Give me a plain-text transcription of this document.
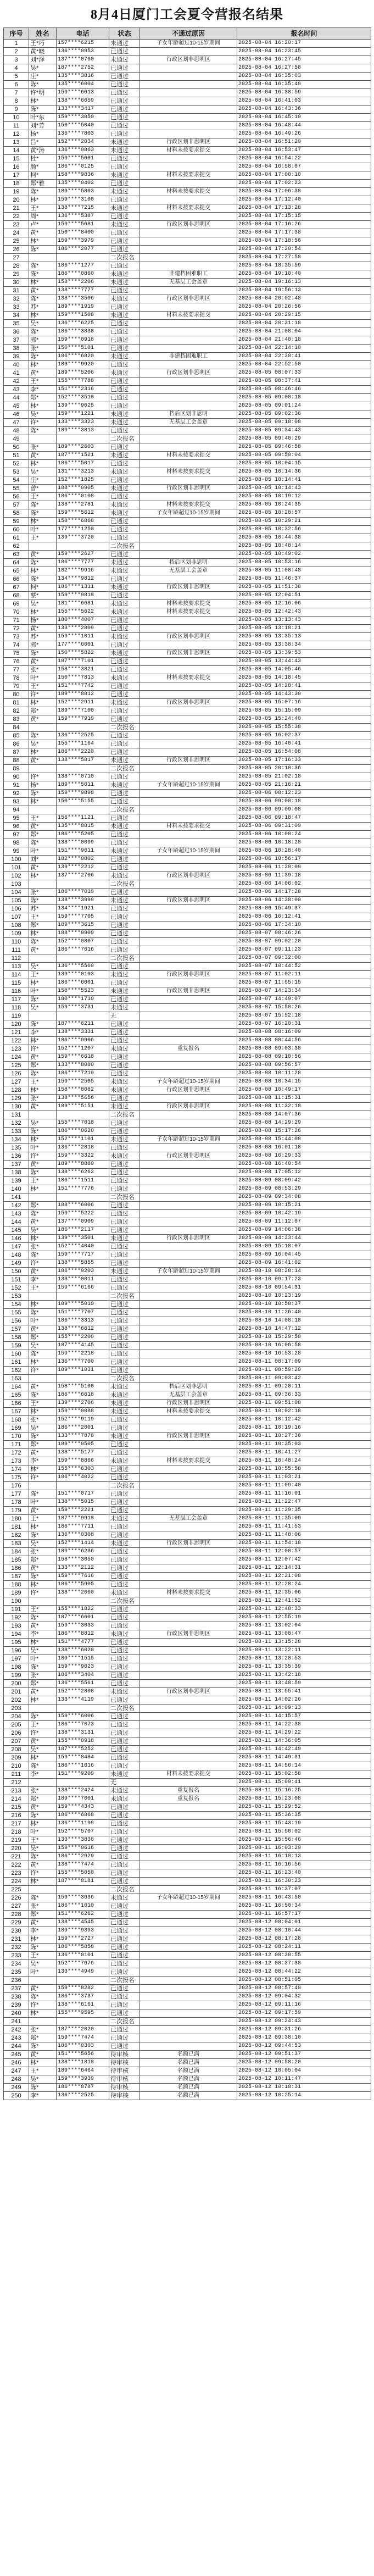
8月4日厦门工会夏令营报名结果
序号	姓名	电话	状态	不通过原因	报名时间
1	王*巧	157****6215	未通过	子女年龄超过10-15岁期间	2025-08-04 16:20:17
2	黄*晓	136****0953	已通过		2025-08-04 16:23:45
3	刘*泽	137****0760	未通过	行政区划非思明区	2025-08-04 16:27:45
4	吴*	187****2752	已通过		2025-08-04 16:27:58
5	庄*	135****3816	已通过		2025-08-04 16:35:03
6	陈*	135****6004	已通过		2025-08-04 16:35:49
7	许*明	159****6613	已通过		2025-08-04 16:38:59
8	林*	138****6659	已通过		2025-08-04 16:41:03
9	陈*	133****3417	已通过		2025-08-04 16:43:36
10	叶*东	159****3050	已通过		2025-08-04 16:45:10
11	刘*芳	150****5040	已通过		2025-08-04 16:48:44
12	杨*	136****7803	已通过		2025-08-04 16:49:26
13	吕*	152****2034	未通过	行政区划非思明区	2025-08-04 16:51:20
14	黄*涛	136****0863	未通过	材料未按要求提交	2025-08-04 16:53:47
15	杜*	159****5601	已通过		2025-08-04 16:54:22
16	颜*	186****0125	已通过		2025-08-04 16:58:07
17	柯*	158****9836	未通过	材料未按要求提交	2025-08-04 17:00:10
18	郑*雅	135****0402	已通过		2025-08-04 17:02:23
19	陈*	189****5803	未通过	材料未按要求提交	2025-08-04 17:06:38
20	林*	159****3100	已通过		2025-08-04 17:12:40
21	王*	138****7215	未通过	材料未按要求提交	2025-08-04 17:13:28
22	周*	136****5387	已通过		2025-08-04 17:15:15
23	卢*	159****5681	未通过	行政区划非思明区	2025-08-04 17:16:26
24	黄*	150****8400	已通过		2025-08-04 17:17:38
25	林*	159****3979	已通过		2025-08-04 17:18:56
26	陈*	186****2077	已通过		2025-08-04 17:20:54
27			二次报名		2025-08-04 17:27:58
28	陈*	186****1277	已通过		2025-08-04 18:35:59
29	陈*	186****0860	未通过	非建档困难职工	2025-08-04 19:10:40
30	林*	158****2206	未通过	无基层工会盖章	2025-08-04 19:16:13
31	黄*	138****7777	已通过		2025-08-04 19:56:13
32	陈*	138****3506	未通过	行政区划非思明区	2025-08-04 20:02:48
33	苏*	189****1919	已通过		2025-08-04 20:26:56
34	林*	159****1508	未通过	材料未按要求提交	2025-08-04 20:29:15
35	吴*	136****6225	已通过		2025-08-04 20:31:18
36	陈*	186****3838	已通过		2025-08-04 21:08:04
37	郭*	159****0918	已通过		2025-08-04 21:40:18
38	张*	150****5101	已通过		2025-08-04 22:14:10
39	陈*	186****6820	未通过	非建档困难职工	2025-08-04 22:30:41
40	林*	183****9920	已通过		2025-08-04 22:52:50
41	黄*	189****5206	未通过	行政区划非思明区	2025-08-05 08:07:33
42	王*	155****7788	已通过		2025-08-05 08:37:41
43	李*	151****2316	已通过		2025-08-05 08:46:46
44	郑*	152****3510	已通过		2025-08-05 09:00:18
45	林*	139****9025	已通过		2025-08-05 09:01:24
46	吴*	159****1221	未通过	档后区划非思明	2025-08-05 09:02:36
47	许*	133****3323	未通过	无基层工会盖章	2025-08-05 09:18:08
48	陈*	189****3813	已通过		2025-08-05 09:34:43
49			二次报名		2025-08-05 09:40:29
50	张*	189****2603	已通过		2025-08-05 09:46:58
51	黄*	187****1521	未通过	材料未按要求提交	2025-08-05 09:50:04
52	林*	186****5017	已通过		2025-08-05 10:04:15
53	吴*	131****3213	未通过	材料未按要求提交	2025-08-05 10:14:36
54	庄*	152****1825	已通过		2025-08-05 10:14:41
55	曾*	188****0905	未通过	行政区划非思明区	2025-08-05 10:14:43
56	王*	186****0108	已通过		2025-08-05 10:19:12
57	陈*	138****2781	未通过	材料未按要求提交	2025-08-05 10:24:35
58	陈*	159****5612	未通过	子女年龄超过10-15岁期间	2025-08-05 10:28:57
59	林*	158****6868	已通过		2025-08-05 10:29:21
60	叶*	177****1250	已通过		2025-08-05 10:32:56
61	王*	139****3720	已通过		2025-08-05 10:44:38
62			二次报名		2025-08-05 10:48:14
63	黄*	159****2627	已通过		2025-08-05 10:49:02
64	陈*	186****7777	未通过	档后区划非思明	2025-08-05 10:53:16
65	林*	182****9916	未通过	无基层工会盖章	2025-08-05 11:08:48
66	陈*	134****9812	已通过		2025-08-05 11:46:37
67	柯*	186****1311	未通过	行政区划非思明区	2025-08-05 11:51:38
68	蔡*	159****9818	已通过		2025-08-05 12:04:51
69	吴*	181****6681	未通过	材料未按要求提交	2025-08-05 12:16:06
70	林*	155****5622	未通过	材料未按要求提交	2025-08-05 12:42:43
71	杨*	180****4007	已通过		2025-08-05 13:13:43
72	黄*	133****2809	已通过		2025-08-05 13:18:21
73	苏*	159****1011	未通过	行政区划非思明区	2025-08-05 13:35:13
74	郭*	177****6001	已通过		2025-08-05 13:38:34
75	陈*	150****5822	未通过	行政区划非思明区	2025-08-05 13:39:53
76	黄*	187****7101	已通过		2025-08-05 13:44:43
77	张*	158****3821	已通过		2025-08-05 14:05:46
78	叶*	150****7813	未通过	材料未按要求提交	2025-08-05 14:18:45
79	王*	151****7742	已通过		2025-08-05 14:28:41
80	许*	189****8812	已通过		2025-08-05 14:43:30
81	林*	152****2911	未通过	行政区划非思明区	2025-08-05 15:07:16
82	郑*	189****7100	已通过		2025-08-05 15:15:09
83	黄*	159****7919	已通过		2025-08-05 15:24:40
84			二次报名		2025-08-05 15:55:38
85	陈*	136****2525	已通过		2025-08-05 16:02:37
86	吴*	155****1164	已通过		2025-08-05 16:40:41
87	林*	186****2220	已通过		2025-08-05 16:54:08
88	黄*	138****5817	未通过	行政区划非思明区	2025-08-05 17:16:33
89			二次报名		2025-08-05 20:10:36
90	许*	138****0710	已通过		2025-08-05 21:02:18
91	杨*	189****5011	未通过	子女年龄超过10-15岁期间	2025-08-05 21:16:21
92	陈*	159****9898	已通过		2025-08-06 08:12:23
93	林*	150****5155	已通过		2025-08-06 09:00:18
94			二次报名		2025-08-06 09:09:08
95	王*	156****1121	已通过		2025-08-06 09:18:47
96	黄*	135****8815	未通过	材料未按要求提交	2025-08-06 09:31:09
97	郑*	186****5205	已通过		2025-08-06 10:00:24
98	陈*	138****0099	已通过		2025-08-06 10:18:28
99	叶*	151****9611	未通过	子女年龄超过10-15岁期间	2025-08-06 10:28:40
100	刘*	182****0802	已通过		2025-08-06 10:56:17
101	黄*	139****2212	已通过		2025-08-06 11:20:09
102	林*	137****2706	未通过	行政区划非思明区	2025-08-06 11:39:18
103			二次报名		2025-08-06 14:06:02
104	张*	186****7010	已通过		2025-08-06 14:17:28
105	陈*	138****3999	未通过	行政区划非思明区	2025-08-06 14:38:00
106	苏*	134****1921	已通过		2025-08-06 15:49:37
107	王*	159****7705	已通过		2025-08-06 16:12:41
108	郑*	189****3615	已通过		2025-08-06 17:34:10
109	林*	188****9909	已通过		2025-08-07 08:46:26
110	陈*	152****0807	已通过		2025-08-07 09:02:20
111	黄*	186****7616	已通过		2025-08-07 09:11:23
112			二次报名		2025-08-07 09:32:00
113	吴*	136****5569	已通过		2025-08-07 10:44:52
114	王*	139****0103	未通过	行政区划非思明区	2025-08-07 11:02:11
115	林*	186****6601	已通过		2025-08-07 11:55:15
116	叶*	158****5523	未通过	行政区划非思明区	2025-08-07 14:23:34
117	陈*	180****1710	已通过		2025-08-07 14:49:07
118	吴*	159****3731	未通过		2025-08-07 15:50:26
119			无		2025-08-07 15:52:18
120	陈*	187****6211	已通过		2025-08-07 16:20:31
121	李*	138****3331	已通过		2025-08-08 08:16:09
122	林*	186****9906	已通过		2025-08-08 08:44:56
123	许*	152****1207	未通过	重复报名	2025-08-08 09:03:38
124	黄*	159****6618	已通过		2025-08-08 09:10:56
125	郑*	133****8080	已通过		2025-08-08 09:56:57
126	陈*	186****7210	已通过		2025-08-08 10:11:28
127	王*	159****2505	未通过	子女年龄超过10-15岁期间	2025-08-08 10:34:15
128	林*	158****8082	未通过	行政区划非思明区	2025-08-08 10:49:17
129	张*	138****5656	已通过		2025-08-08 11:15:31
130	黄*	189****5151	未通过	行政区划非思明区	2025-08-08 11:32:18
131			二次报名		2025-08-08 14:07:36
132	吴*	155****7018	已通过		2025-08-08 14:29:29
133	陈*	186****0620	已通过		2025-08-08 15:17:26
134	林*	152****1101	未通过	子女年龄超过10-15岁期间	2025-08-08 15:44:08
135	叶*	136****2818	已通过		2025-08-08 16:01:18
136	许*	159****3322	未通过	行政区划非思明区	2025-08-08 16:29:33
137	黄*	189****8880	已通过		2025-08-08 16:40:54
138	陈*	138****6262	已通过		2025-08-08 17:05:12
139	王*	186****1511	已通过		2025-08-09 08:09:42
140	林*	151****7776	已通过		2025-08-09 08:53:29
141			二次报名		2025-08-09 09:34:08
142	郑*	188****6006	已通过		2025-08-09 10:15:21
143	陈*	159****5222	已通过		2025-08-09 10:42:19
144	黄*	137****0909	已通过		2025-08-09 11:12:07
145	吴*	186****2117	已通过		2025-08-09 14:06:38
146	林*	139****3501	未通过	行政区划非思明区	2025-08-09 14:33:44
147	张*	152****4040	已通过		2025-08-09 15:18:07
148	陈*	159****7717	已通过		2025-08-09 16:04:45
149	许*	138****5855	已通过		2025-08-09 16:41:02
150	黄*	186****9203	未通过	子女年龄超过10-15岁期间	2025-08-10 08:28:14
151	李*	133****0011	已通过		2025-08-10 09:17:23
152	王*	159****6166	已通过		2025-08-10 09:54:31
153			二次报名		2025-08-10 10:23:19
154	林*	189****5010	已通过		2025-08-10 10:58:37
155	陈*	151****7707	已通过		2025-08-10 11:26:40
156	叶*	186****3313	已通过		2025-08-10 14:08:18
157	黄*	138****6612	已通过		2025-08-10 14:47:12
158	郑*	155****2200	已通过		2025-08-10 15:29:50
159	吴*	187****4145	已通过		2025-08-10 16:06:58
160	陈*	159****2218	已通过		2025-08-10 16:53:28
161	林*	136****7700	已通过		2025-08-11 08:17:09
162	许*	189****1031	已通过		2025-08-11 08:59:20
163			二次报名		2025-08-11 09:03:42
164	黄*	158****5100	未通过	档后区划非思明	2025-08-11 09:20:11
165	陈*	186****6618	未通过	无基层工会盖章	2025-08-11 09:36:33
166	王*	139****2706	未通过	行政区划非思明区	2025-08-11 09:51:08
167	林*	159****0088	未通过	材料未按要求提交	2025-08-11 10:02:18
168	张*	152****9119	已通过		2025-08-11 10:12:42
169	吴*	186****2001	已通过		2025-08-11 10:19:16
170	陈*	133****7878	未通过	行政区划非思明区	2025-08-11 10:27:36
171	郑*	189****0505	已通过		2025-08-11 10:35:03
172	黄*	138****5177	已通过		2025-08-11 10:41:27
173	李*	159****8866	未通过	材料未按要求提交	2025-08-11 10:48:24
174	林*	155****6303	已通过		2025-08-11 10:55:58
175	许*	186****4022	已通过		2025-08-11 11:03:21
176			二次报名		2025-08-11 11:09:40
177	陈*	151****0717	已通过		2025-08-11 11:16:01
178	叶*	138****5015	已通过		2025-08-11 11:22:47
179	黄*	159****2221	已通过		2025-08-11 11:29:35
180	王*	187****9918	未通过	无基层工会盖章	2025-08-11 11:35:09
181	林*	186****7711	已通过		2025-08-11 11:41:53
182	陈*	136****0308	已通过		2025-08-11 11:48:06
183	吴*	152****1414	未通过	行政区划非思明区	2025-08-11 11:54:18
184	张*	189****6236	已通过		2025-08-11 12:00:57
185	郑*	158****3050	已通过		2025-08-11 12:07:42
186	黄*	133****2112	已通过		2025-08-11 12:14:31
187	陈*	159****7616	已通过		2025-08-11 12:21:08
188	林*	186****5905	已通过		2025-08-11 12:28:24
189	许*	138****2060	未通过	材料未按要求提交	2025-08-11 12:35:06
190			二次报名		2025-08-11 12:41:52
191	王*	155****1822	已通过		2025-08-11 12:48:33
192	陈*	187****6601	已通过		2025-08-11 12:55:19
193	黄*	159****3033	已通过		2025-08-11 13:02:04
194	李*	186****8812	未通过	行政区划非思明区	2025-08-11 13:08:47
195	林*	151****4777	已通过		2025-08-11 13:15:28
196	吴*	138****6020	已通过		2025-08-11 13:22:11
197	叶*	189****1515	已通过		2025-08-11 13:28:53
198	陈*	159****9023	已通过		2025-08-11 13:35:39
199	张*	186****3404	已通过		2025-08-11 13:42:18
200	郑*	136****5561	已通过		2025-08-11 13:48:59
201	黄*	152****2808	未通过	行政区划非思明区	2025-08-11 13:55:41
202	林*	133****4119	已通过		2025-08-11 14:02:26
203			二次报名		2025-08-11 14:09:13
204	陈*	159****6006	已通过		2025-08-11 14:15:57
205	王*	186****7073	已通过		2025-08-11 14:22:38
206	许*	138****3131	已通过		2025-08-11 14:29:22
207	黄*	155****0918	已通过		2025-08-11 14:36:05
208	吴*	187****5252	已通过		2025-08-11 14:42:49
209	林*	159****8484	已通过		2025-08-11 14:49:31
210	陈*	186****1616	已通过		2025-08-11 14:56:14
211	李*	151****9209	未通过	材料未按要求提交	2025-08-11 15:02:58
212			无		2025-08-11 15:09:41
213	张*	138****2424	未通过	重复报名	2025-08-11 15:16:25
214	郑*	189****7001	未通过	重复报名	2025-08-11 15:23:08
215	黄*	159****4343	已通过		2025-08-11 15:29:52
216	陈*	186****6868	已通过		2025-08-11 15:36:35
217	林*	136****1199	已通过		2025-08-11 15:43:19
218	叶*	152****5707	已通过		2025-08-11 15:50:02
219	王*	133****3838	已通过		2025-08-11 15:56:46
220	吴*	159****0616	已通过		2025-08-11 16:03:29
221	陈*	186****2929	已通过		2025-08-11 16:10:13
222	黄*	138****7474	已通过		2025-08-11 16:16:56
223	许*	155****5050	已通过		2025-08-11 16:23:40
224	林*	187****8181	已通过		2025-08-11 16:30:23
225			二次报名		2025-08-11 16:37:07
226	陈*	159****3636	未通过	子女年龄超过10-15岁期间	2025-08-11 16:43:50
227	张*	186****1010	已通过		2025-08-11 16:50:34
228	郑*	151****6262	已通过		2025-08-11 16:57:17
229	黄*	138****4545	已通过		2025-08-12 08:04:01
230	李*	189****9393	已通过		2025-08-12 08:10:44
231	林*	159****2727	已通过		2025-08-12 08:17:28
232	陈*	186****5858	已通过		2025-08-12 08:24:11
233	王*	136****0101	已通过		2025-08-12 08:30:55
234	吴*	152****7676	已通过		2025-08-12 08:37:38
235	叶*	133****4949	已通过		2025-08-12 08:44:22
236			二次报名		2025-08-12 08:51:05
237	黄*	159****8282	已通过		2025-08-12 08:57:49
238	陈*	186****3737	已通过		2025-08-12 09:04:32
239	许*	138****6161	已通过		2025-08-12 09:11:16
240	林*	155****9595	已通过		2025-08-12 09:17:59
241			二次报名		2025-08-12 09:24:43
242	张*	187****2020	已通过		2025-08-12 09:31:26
243	郑*	159****7474	已通过		2025-08-12 09:38:10
244	陈*	186****0303	已通过		2025-08-12 09:44:53
245	黄*	151****5656	待审核	名额已满	2025-08-12 09:51:37
246	林*	138****1818	待审核	名额已满	2025-08-12 09:58:20
247	王*	189****6464	待审核	名额已满	2025-08-12 10:05:04
248	吴*	159****3939	待审核	名额已满	2025-08-12 10:11:47
249	陈*	186****8787	待审核	名额已满	2025-08-12 10:18:31
250	李*	136****2525	待审核	名额已满	2025-08-12 10:25:14
